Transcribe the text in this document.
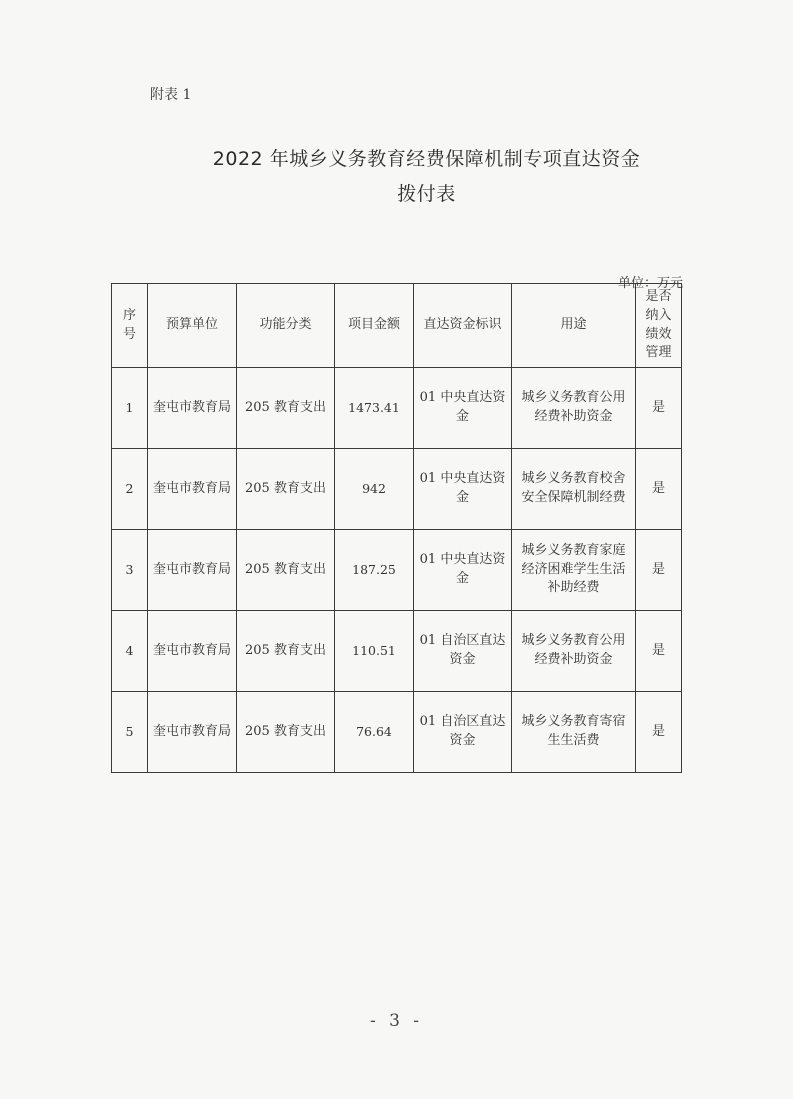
附表 1
2022 年城乡义务教育经费保障机制专项直达资金
拨付表
单位：万元
序号	预算单位	功能分类	项目金额	直达资金标识	用途	是否纳入绩效管理
1	奎屯市教育局	205 教育支出	1473.41	01 中央直达资金	城乡义务教育公用经费补助资金	是
2	奎屯市教育局	205 教育支出	942	01 中央直达资金	城乡义务教育校舍安全保障机制经费	是
3	奎屯市教育局	205 教育支出	187.25	01 中央直达资金	城乡义务教育家庭经济困难学生生活补助经费	是
4	奎屯市教育局	205 教育支出	110.51	01 自治区直达资金	城乡义务教育公用经费补助资金	是
5	奎屯市教育局	205 教育支出	76.64	01 自治区直达资金	城乡义务教育寄宿生生活费	是
- 3 -
